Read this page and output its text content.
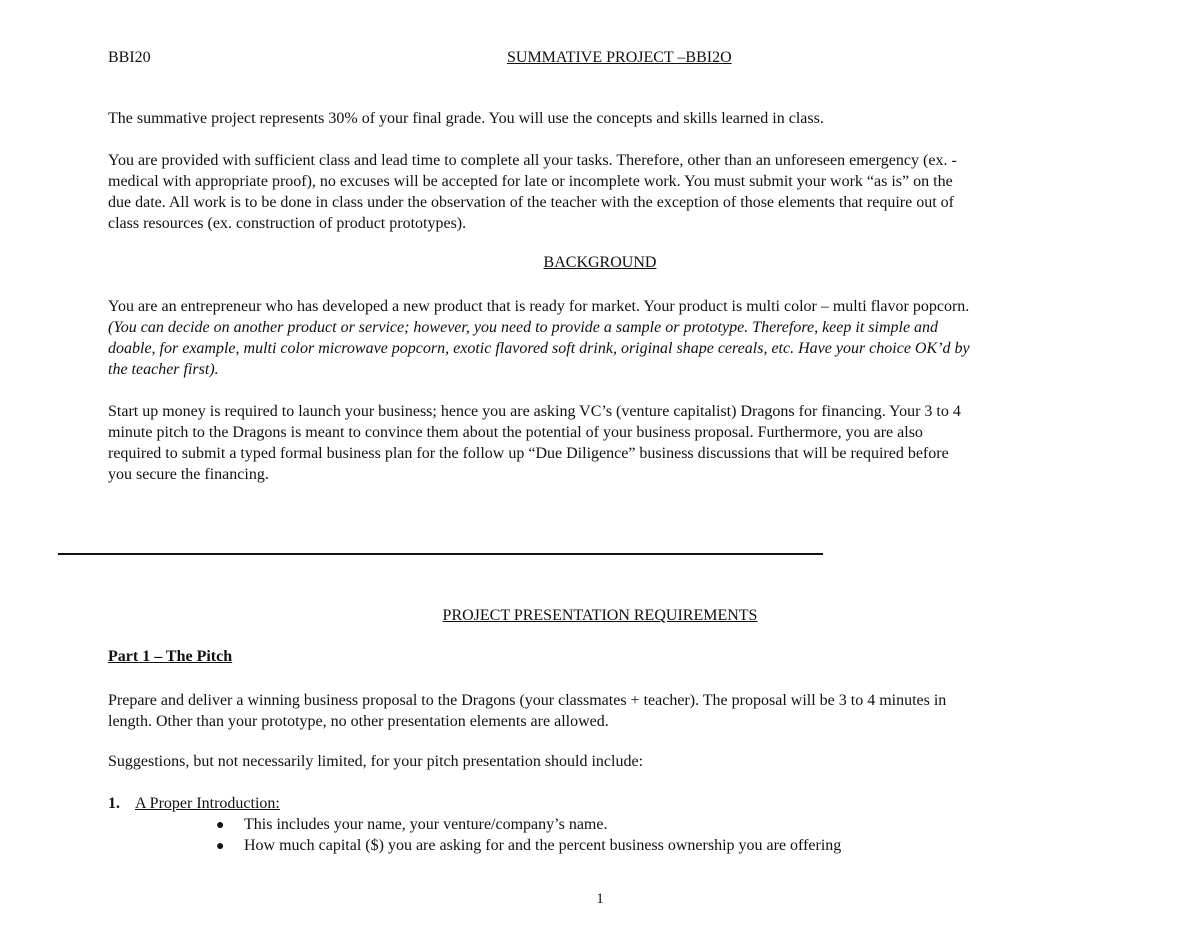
BBI20	SUMMATIVE PROJECT –BBI2O

The summative project represents 30% of your final grade. You will use the concepts and skills learned in class.

You are provided with sufficient class and lead time to complete all your tasks. Therefore, other than an unforeseen emergency (ex. -
medical with appropriate proof), no excuses will be accepted for late or incomplete work. You must submit your work “as is” on the
due date. All work is to be done in class under the observation of the teacher with the exception of those elements that require out of
class resources (ex. construction of product prototypes).
BACKGROUND
You are an entrepreneur who has developed a new product that is ready for market. Your product is multi color – multi flavor popcorn.
(You can decide on another product or service; however, you need to provide a sample or prototype. Therefore, keep it simple and
doable, for example, multi color microwave popcorn, exotic flavored soft drink, original shape cereals, etc. Have your choice OK’d by
the teacher first).
Start up money is required to launch your business; hence you are asking VC’s (venture capitalist) Dragons for financing. Your 3 to 4
minute pitch to the Dragons is meant to convince them about the potential of your business proposal. Furthermore, you are also
required to submit a typed formal business plan for the follow up “Due Diligence” business discussions that will be required before
you secure the financing.
PROJECT PRESENTATION REQUIREMENTS
Part 1 – The Pitch
Prepare and deliver a winning business proposal to the Dragons (your classmates + teacher). The proposal will be 3 to 4 minutes in
length. Other than your prototype, no other presentation elements are allowed.
Suggestions, but not necessarily limited, for your pitch presentation should include:
1. A Proper Introduction:
● This includes your name, your venture/company’s name.
● How much capital ($) you are asking for and the percent business ownership you are offering
1
